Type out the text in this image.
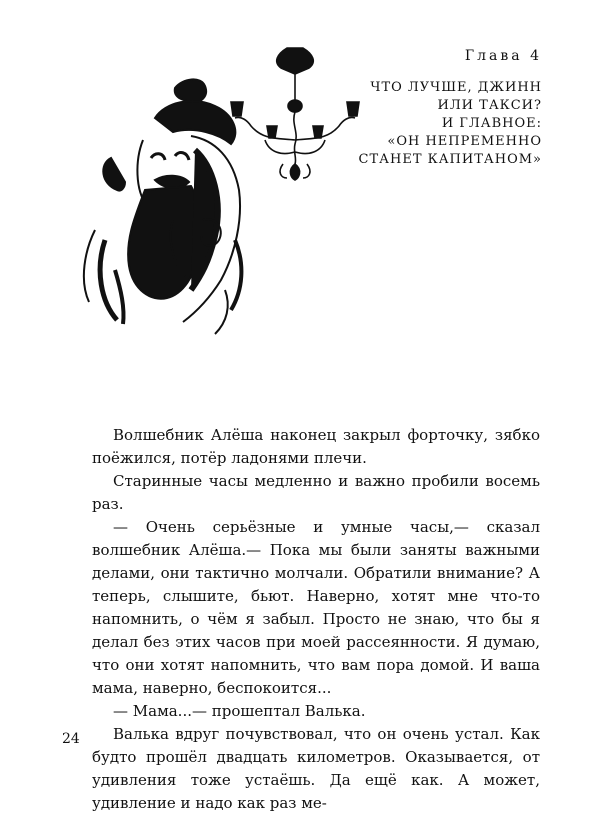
Глава 4
ЧТО ЛУЧШЕ, ДЖИНН
ИЛИ ТАКСИ?
И ГЛАВНОЕ:
«ОН НЕПРЕМЕННО
СТАНЕТ КАПИТАНОМ»

Волшебник Алёша наконец закрыл форточку, зябко поёжился, потёр ладонями плечи.

Старинные часы медленно и важно пробили восемь раз.

— Очень серьёзные и умные часы,— сказал волшебник Алёша.— Пока мы были заняты важными делами, они тактично молчали. Обратили внимание? А теперь, слышите, бьют. Наверно, хотят мне что-то напомнить, о чём я забыл. Просто не знаю, что бы я делал без этих часов при моей рассеянности. Я думаю, что они хотят напомнить, что вам пора домой. И ваша мама, наверно, беспокоится...

— Мама...— прошептал Валька.

Валька вдруг почувствовал, что он очень устал. Как будто прошёл двадцать километров. Оказывается, от удивления тоже устаёшь. Да ещё как. А может, удивление и надо как раз ме-

24
